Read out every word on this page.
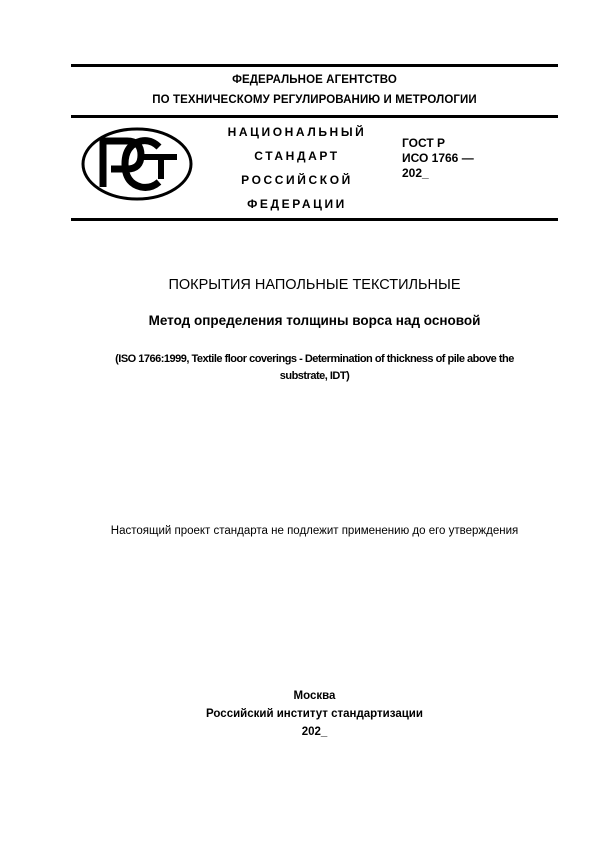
ФЕДЕРАЛЬНОЕ АГЕНТСТВО
ПО ТЕХНИЧЕСКОМУ РЕГУЛИРОВАНИЮ И МЕТРОЛОГИИ
НАЦИОНАЛЬНЫЙ
СТАНДАРТ
РОССИЙСКОЙ
ФЕДЕРАЦИИ
ГОСТ Р
ИСО 1766 —
202_
ПОКРЫТИЯ НАПОЛЬНЫЕ ТЕКСТИЛЬНЫЕ
Метод определения толщины ворса над основой
(ISO 1766:1999, Textile floor coverings - Determination of thickness of pile above the
substrate, IDT)
Настоящий проект стандарта не подлежит применению до его утверждения
Москва
Российский институт стандартизации
202_
